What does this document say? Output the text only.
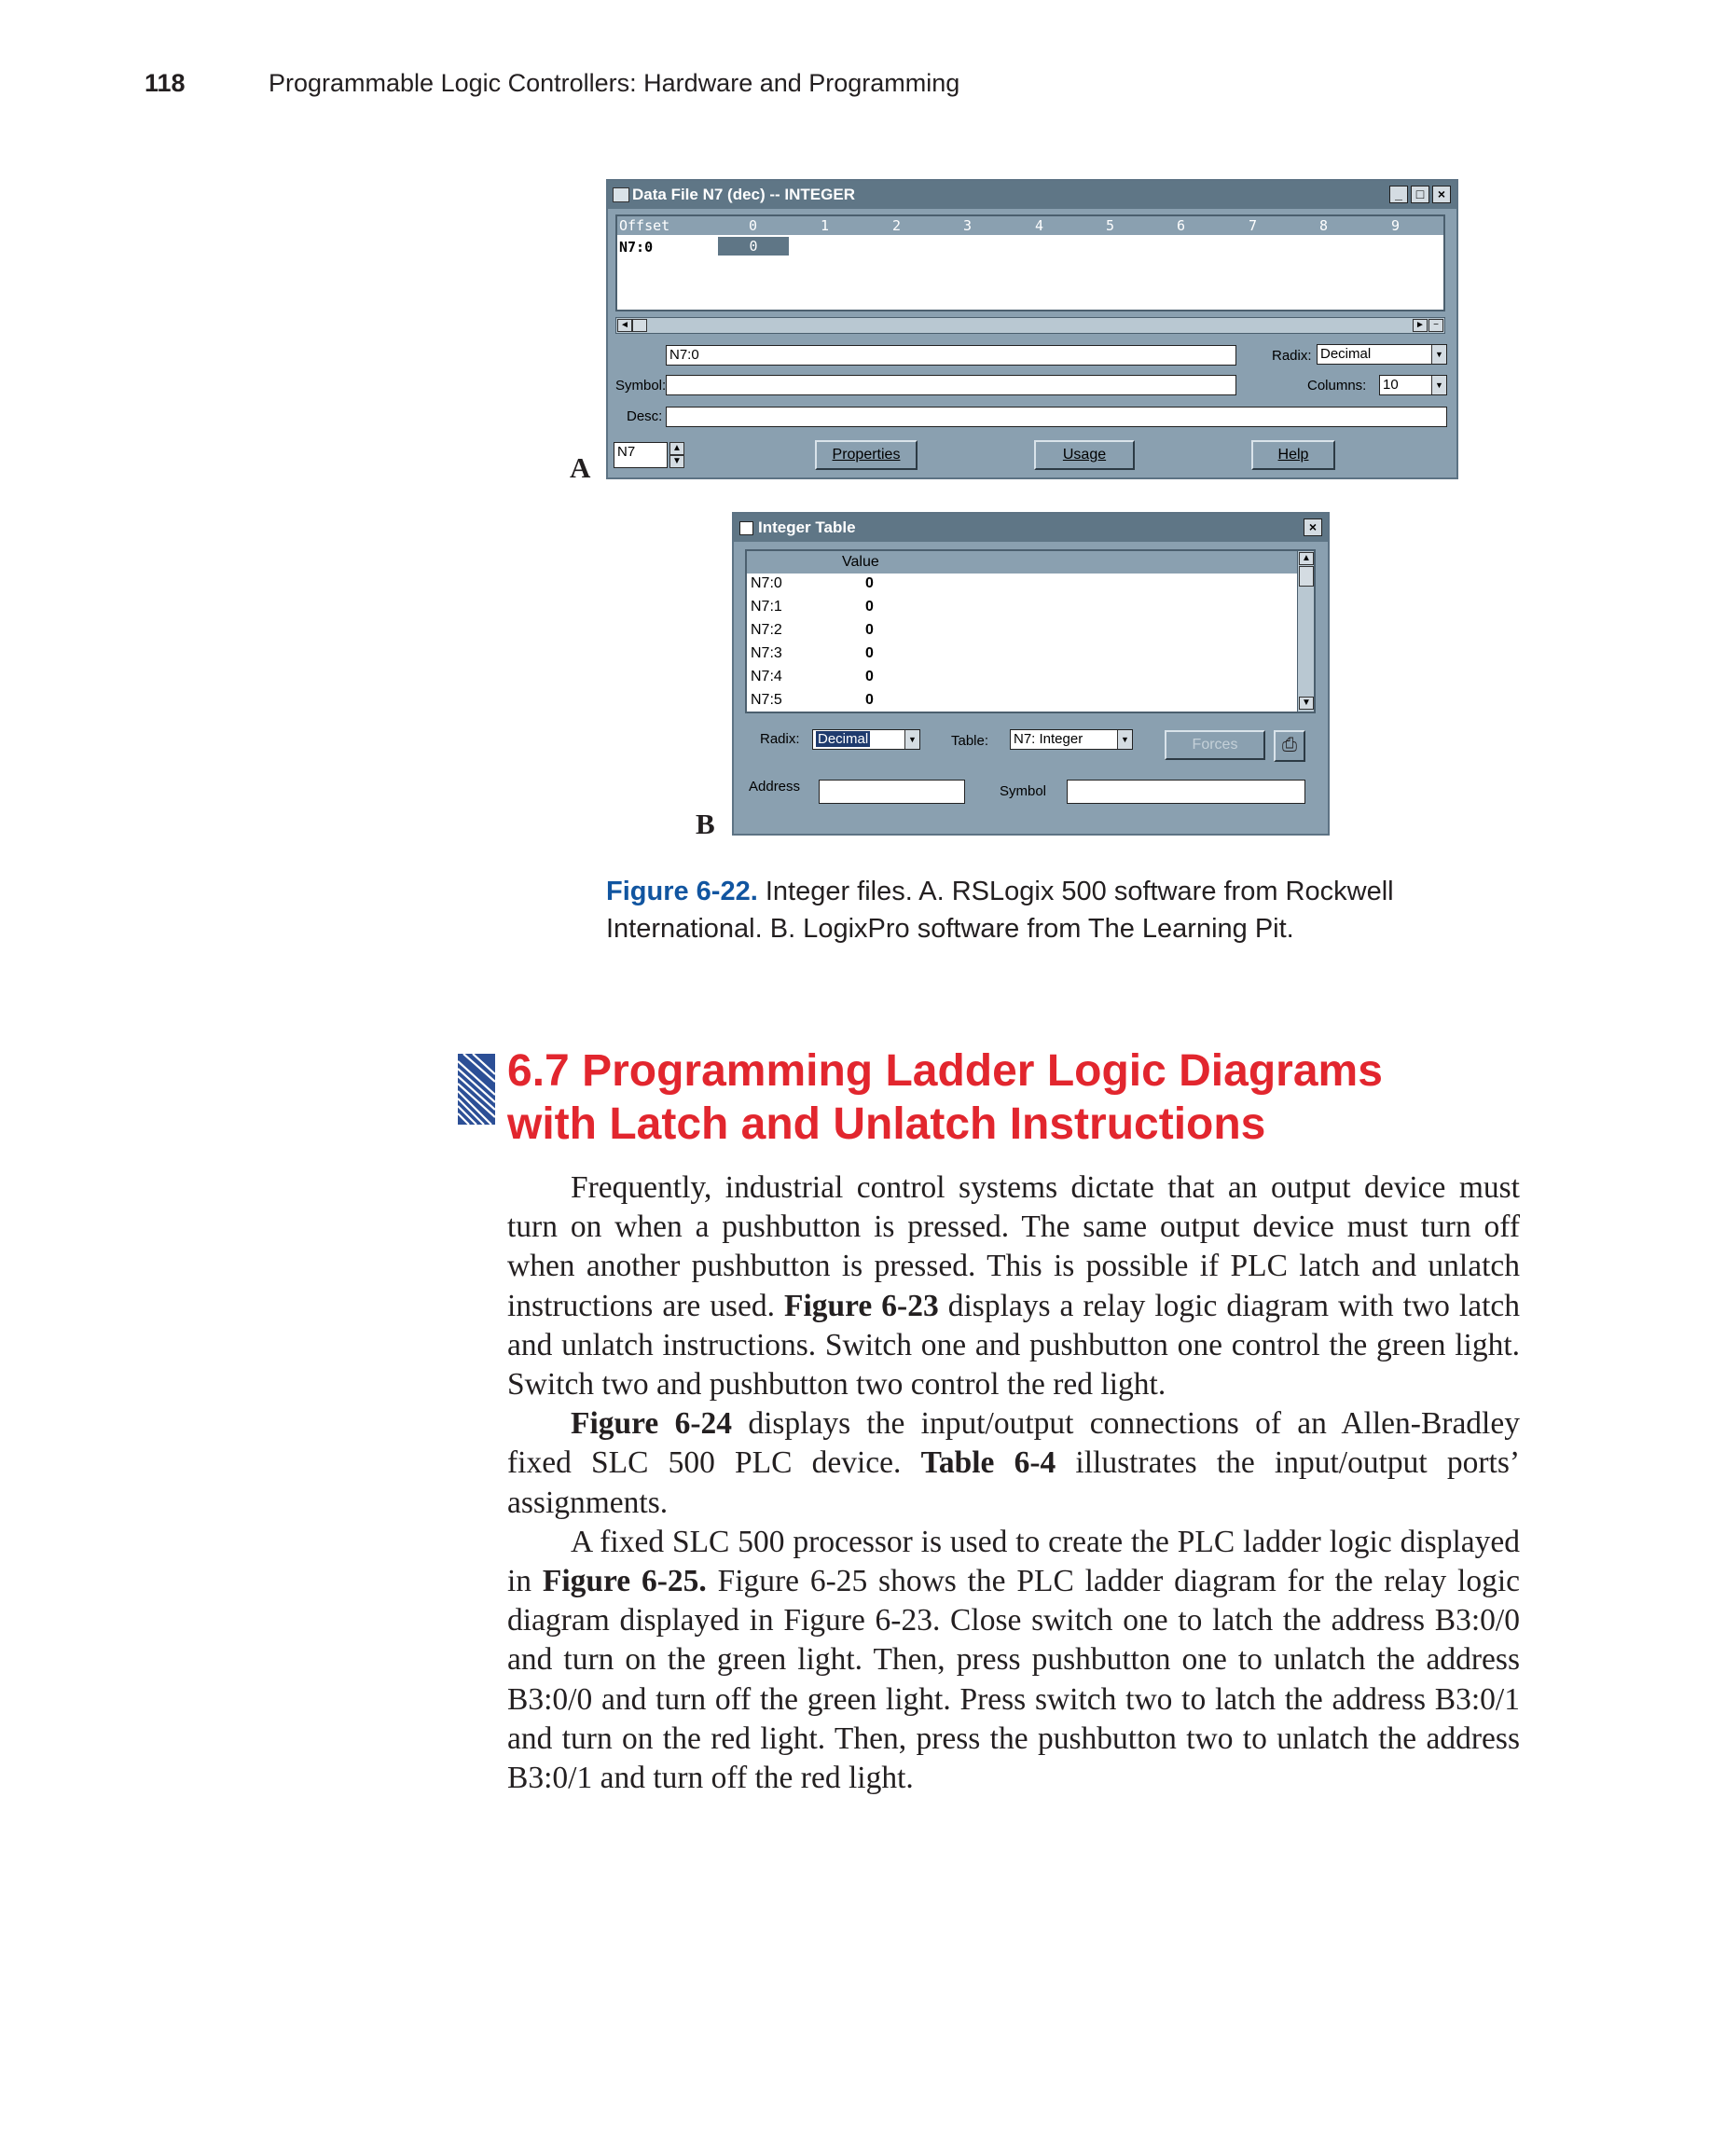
118	Programmable Logic Controllers: Hardware and Programming
Data File N7 (dec) -- INTEGER	_	□	×
Offset	0	1	2	3	4	5	6	7	8	9
N7:0	0
◄	► −
N7:0	Radix: Decimal	▼
Symbol:	Columns: 10	▼
Desc:
N7	▲
▼	Properties	Usage	Help
A
Integer Table	×
Value
N7:0	0
N7:1	0
N7:2	0
N7:3	0
N7:4	0
N7:5	0
▲
▼
Radix:	Decimal	▼ Table: N7: Integer	▼	Forces	⎙
Address	Symbol
B
Figure 6-22. Integer files. A. RSLogix 500 software from Rockwell International. B. LogixPro software from The Learning Pit.
6.7 Programming Ladder Logic Diagrams
with Latch and Unlatch Instructions

Frequently, industrial control systems dictate that an output device must turn on when a pushbutton is pressed. The same output device must turn off when another pushbutton is pressed. This is possible if PLC latch and unlatch instructions are used. Figure 6-23 displays a relay logic diagram with two latch and unlatch instructions. Switch one and pushbutton one control the green light. Switch two and pushbutton two control the red light.

Figure 6-24 displays the input/output connections of an Allen-Bradley fixed SLC 500 PLC device. Table 6-4 illustrates the input/output ports’ assignments.

A fixed SLC 500 processor is used to create the PLC ladder logic displayed in Figure 6-25. Figure 6-25 shows the PLC ladder diagram for the relay logic diagram displayed in Figure 6-23. Close switch one to latch the address B3:0/0 and turn on the green light. Then, press pushbutton one to unlatch the address B3:0/0 and turn off the green light. Press switch two to latch the address B3:0/1 and turn on the red light. Then, press the pushbutton two to unlatch the address B3:0/1 and turn off the red light.
